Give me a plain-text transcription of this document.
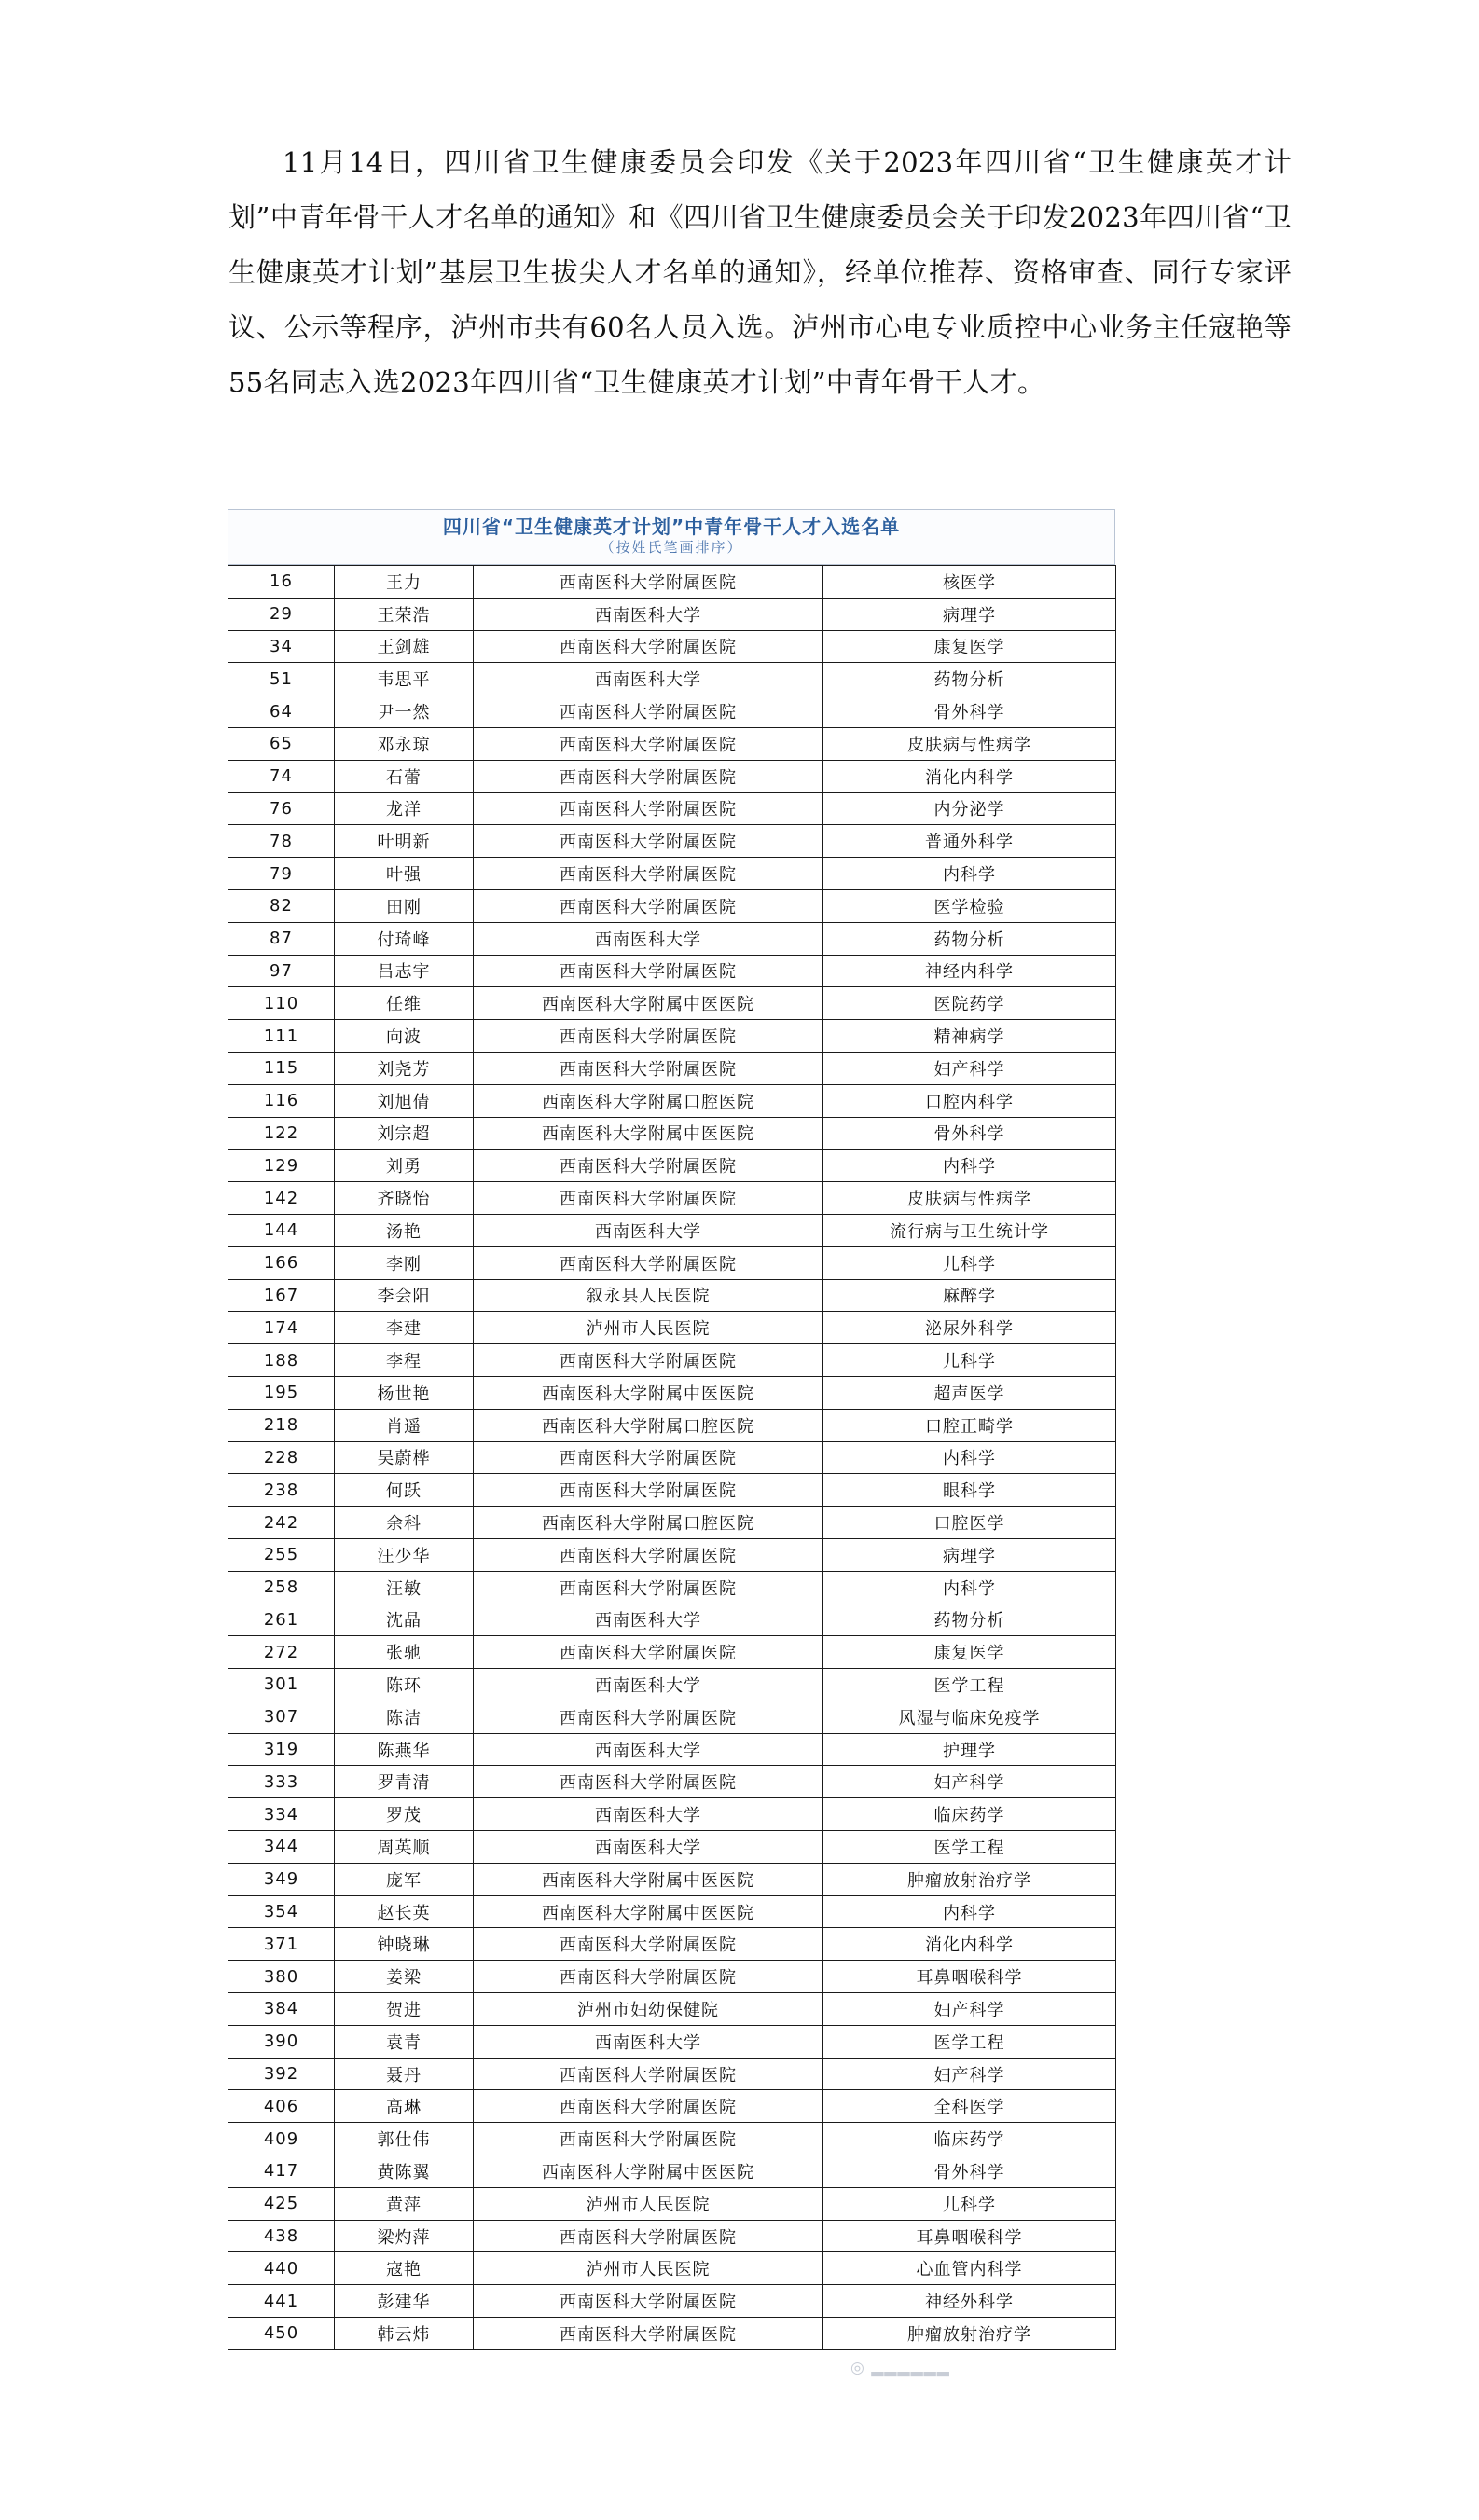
11月14日，四川省卫生健康委员会印发《关于2023年四川省“卫生健康英才计划”中青年骨干人才名单的通知》和《四川省卫生健康委员会关于印发2023年四川省“卫生健康英才计划”基层卫生拔尖人才名单的通知》，经单位推荐、资格审查、同行专家评议、公示等程序，泸州市共有60名人员入选。泸州市心电专业质控中心业务主任寇艳等55名同志入选2023年四川省“卫生健康英才计划”中青年骨干人才。

四川省“卫生健康英才计划”中青年骨干人才入选名单
（按姓氏笔画排序）
16	王力	西南医科大学附属医院	核医学
29	王荣浩	西南医科大学	病理学
34	王剑雄	西南医科大学附属医院	康复医学
51	韦思平	西南医科大学	药物分析
64	尹一然	西南医科大学附属医院	骨外科学
65	邓永琼	西南医科大学附属医院	皮肤病与性病学
74	石蕾	西南医科大学附属医院	消化内科学
76	龙洋	西南医科大学附属医院	内分泌学
78	叶明新	西南医科大学附属医院	普通外科学
79	叶强	西南医科大学附属医院	内科学
82	田刚	西南医科大学附属医院	医学检验
87	付琦峰	西南医科大学	药物分析
97	吕志宇	西南医科大学附属医院	神经内科学
110	任维	西南医科大学附属中医医院	医院药学
111	向波	西南医科大学附属医院	精神病学
115	刘尧芳	西南医科大学附属医院	妇产科学
116	刘旭倩	西南医科大学附属口腔医院	口腔内科学
122	刘宗超	西南医科大学附属中医医院	骨外科学
129	刘勇	西南医科大学附属医院	内科学
142	齐晓怡	西南医科大学附属医院	皮肤病与性病学
144	汤艳	西南医科大学	流行病与卫生统计学
166	李刚	西南医科大学附属医院	儿科学
167	李会阳	叙永县人民医院	麻醉学
174	李建	泸州市人民医院	泌尿外科学
188	李程	西南医科大学附属医院	儿科学
195	杨世艳	西南医科大学附属中医医院	超声医学
218	肖遥	西南医科大学附属口腔医院	口腔正畸学
228	吴蔚桦	西南医科大学附属医院	内科学
238	何跃	西南医科大学附属医院	眼科学
242	余科	西南医科大学附属口腔医院	口腔医学
255	汪少华	西南医科大学附属医院	病理学
258	汪敏	西南医科大学附属医院	内科学
261	沈晶	西南医科大学	药物分析
272	张驰	西南医科大学附属医院	康复医学
301	陈环	西南医科大学	医学工程
307	陈洁	西南医科大学附属医院	风湿与临床免疫学
319	陈燕华	西南医科大学	护理学
333	罗青清	西南医科大学附属医院	妇产科学
334	罗茂	西南医科大学	临床药学
344	周英顺	西南医科大学	医学工程
349	庞军	西南医科大学附属中医医院	肿瘤放射治疗学
354	赵长英	西南医科大学附属中医医院	内科学
371	钟晓琳	西南医科大学附属医院	消化内科学
380	姜梁	西南医科大学附属医院	耳鼻咽喉科学
384	贺进	泸州市妇幼保健院	妇产科学
390	袁青	西南医科大学	医学工程
392	聂丹	西南医科大学附属医院	妇产科学
406	高琳	西南医科大学附属医院	全科医学
409	郭仕伟	西南医科大学附属医院	临床药学
417	黄陈翼	西南医科大学附属中医医院	骨外科学
425	黄萍	泸州市人民医院	儿科学
438	梁灼萍	西南医科大学附属医院	耳鼻咽喉科学
440	寇艳	泸州市人民医院	心血管内科学
441	彭建华	西南医科大学附属医院	神经外科学
450	韩云炜	西南医科大学附属医院	肿瘤放射治疗学
◎ ▂▂▂▂▂▂
